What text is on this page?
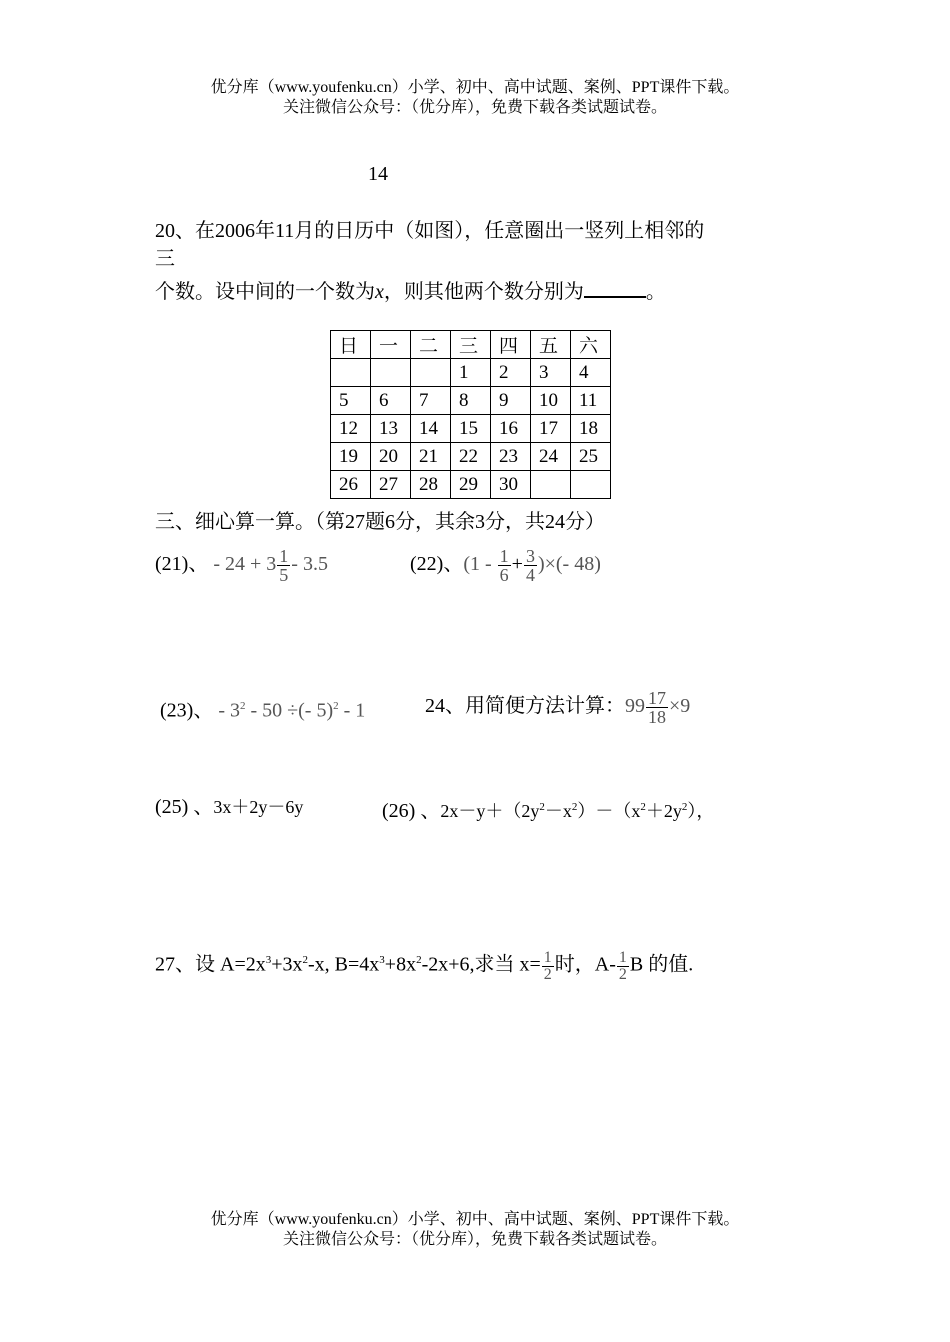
优分库（www.youfenku.cn）小学、初中、高中试题、案例、PPT课件下载。
关注微信公众号：（优分库），免费下载各类试题试卷。
14
20、在2006年11月的日历中（如图），任意圈出一竖列上相邻的
三
个数。设中间的一个数为x，则其他两个数分别为	。
日	一	二	三	四	五	六
			1	2	3	4
5	6	7	8	9	10	11
12	13	14	15	16	17	18
19	20	21	22	23	24	25
26	27	28	29	30		
三、细心算一算。（第27题6分，其余3分，共24分）
(21)、 - $24 + 3 \frac{1}{5} - 3.5$	(22)、($1 - \frac{1}{6} + \frac{3}{4}$ )×(- 48)
(23)、 - $3^2 - 50$ ÷(- 5)$^2$ - 1	24、用简便方法计算：$99 \frac{17}{18} \times 9$
(25) 、3x＋2y－6y	(26) 、$2x-y+(2y^2-x^2)-(x^2+2y^2)$，
27、设 $A=2x^3+3x^2-x$, $B=4x^3+8x^2-2x+6$,求当 $x= \frac{1}{2}$ 时，$A- \frac{1}{2}$ B 的值.
优分库（www.youfenku.cn）小学、初中、高中试题、案例、PPT课件下载。
关注微信公众号：（优分库），免费下载各类试题试卷。
